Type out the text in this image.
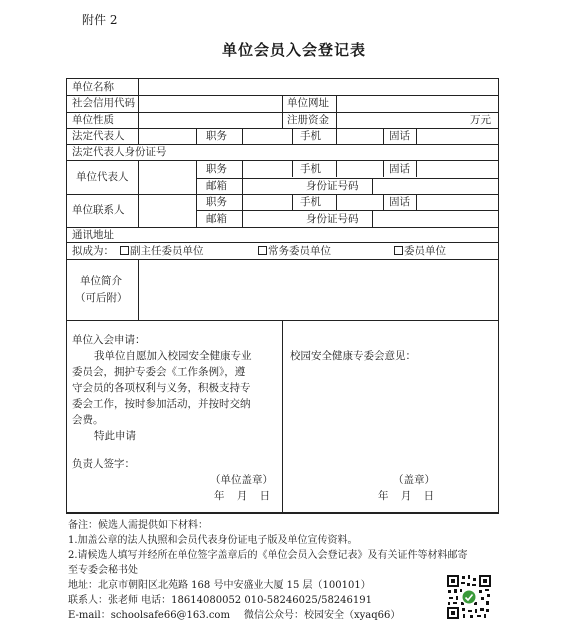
附件 2
单位会员入会登记表
单位名称
社会信用代码	单位网址
单位性质	注册资金	万元
法定代表人	职务	手机	固话
法定代表人身份证号
单位代表人
职务	手机	固话
邮箱	身份证号码
单位联系人
职务	手机	固话
邮箱	身份证号码
通讯地址
拟成为：	副主任委员单位	常务委员单位	委员单位
单位简介
（可后附）
单位入会申请：
我单位自愿加入校园安全健康专业
委员会，拥护专委会《工作条例》，遵
守会员的各项权利与义务，积极支持专
委会工作，按时参加活动，并按时交纳
会费。
特此申请
负责人签字：
（单位盖章）
年 月 日
校园安全健康专委会意见：
（盖章）
年 月 日
备注：候选人需提供如下材料：
1.加盖公章的法人执照和会员代表身份证电子版及单位宣传资料。
2.请候选人填写并经所在单位签字盖章后的《单位会员入会登记表》及有关证件等材料邮寄
至专委会秘书处
地址：北京市朝阳区北苑路 168 号中安盛业大厦 15 层（100101）
联系人：张老师 电话：18614080052 010-58246025/58246191
E-mail：schoolsafe66@163.com 微信公众号：校园安全（xyaq66）
